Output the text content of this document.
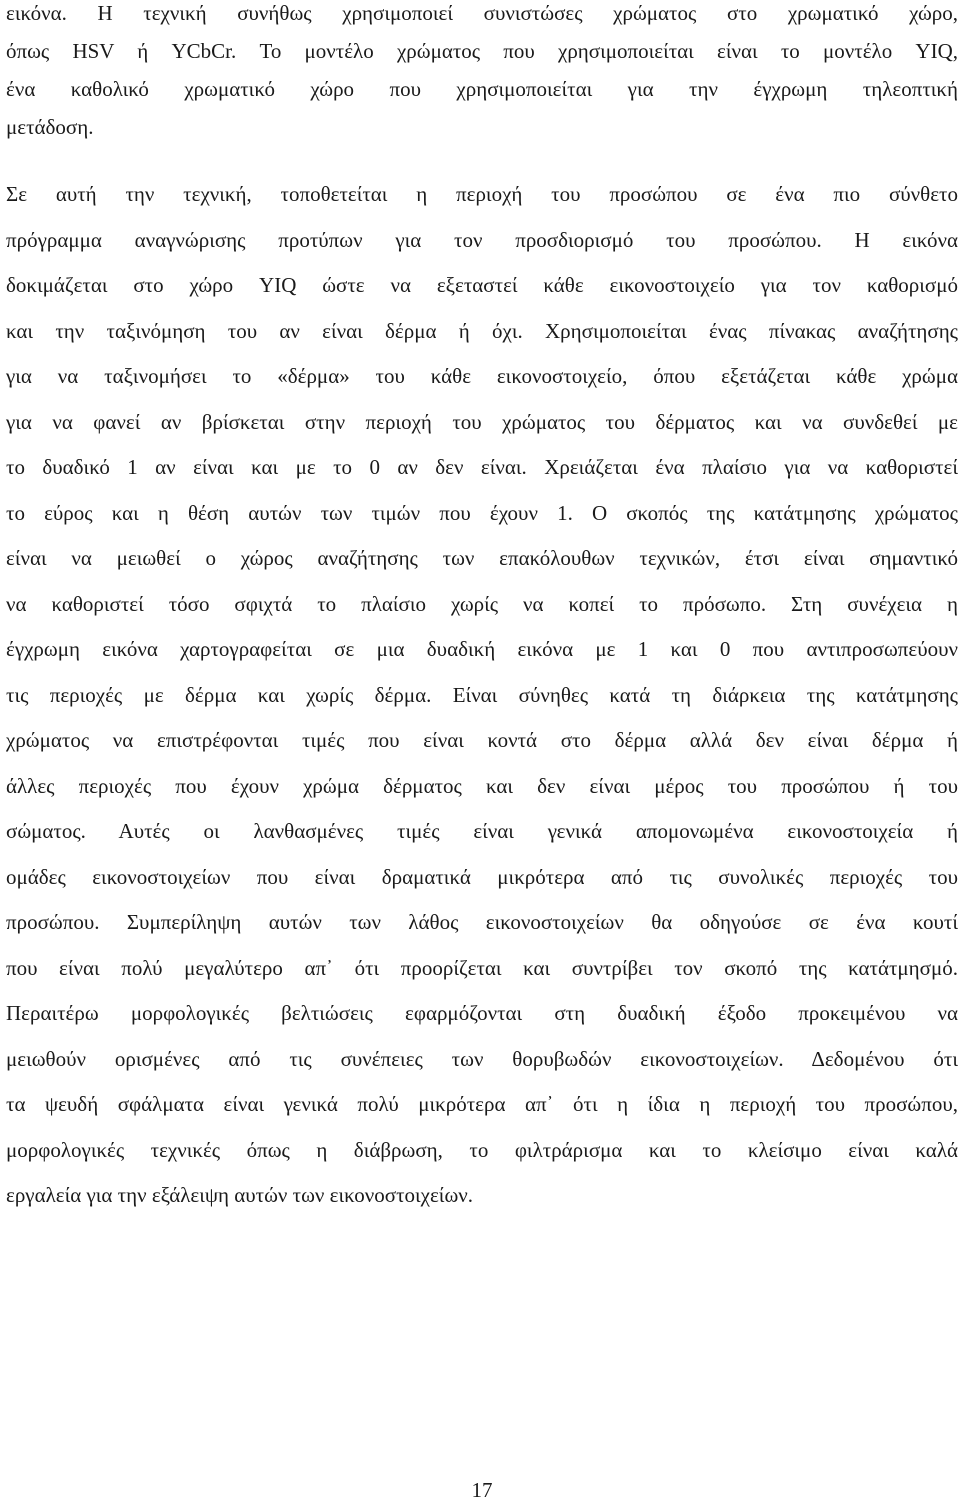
εικόνα. Η τεχνική συνήθως χρησιμοποιεί συνιστώσες χρώματος στο χρωματικό χώρο,
όπως HSV ή YCbCr. Το μοντέλο χρώματος που χρησιμοποιείται είναι το μοντέλο YIQ,
ένα καθολικό χρωματικό χώρο που χρησιμοποιείται για την έγχρωμη τηλεοπτική
μετάδοση.
Σε αυτή την τεχνική, τοποθετείται η περιοχή του προσώπου σε ένα πιο σύνθετο
πρόγραμμα αναγνώρισης προτύπων για τον προσδιορισμό του προσώπου. Η εικόνα
δοκιμάζεται στο χώρο YIQ ώστε να εξεταστεί κάθε εικονοστοιχείο για τον καθορισμό
και την ταξινόμηση του αν είναι δέρμα ή όχι. Χρησιμοποιείται ένας πίνακας αναζήτησης
για να ταξινομήσει το «δέρμα» του κάθε εικονοστοιχείο, όπου εξετάζεται κάθε χρώμα
για να φανεί αν βρίσκεται στην περιοχή του χρώματος του δέρματος και να συνδεθεί με
το δυαδικό 1 αν είναι και με το 0 αν δεν είναι. Χρειάζεται ένα πλαίσιο για να καθοριστεί
το εύρος και η θέση αυτών των τιμών που έχουν 1. Ο σκοπός της κατάτμησης χρώματος
είναι να μειωθεί ο χώρος αναζήτησης των επακόλουθων τεχνικών, έτσι είναι σημαντικό
να καθοριστεί τόσο σφιχτά το πλαίσιο χωρίς να κοπεί το πρόσωπο. Στη συνέχεια η
έγχρωμη εικόνα χαρτογραφείται σε μια δυαδική εικόνα με 1 και 0 που αντιπροσωπεύουν
τις περιοχές με δέρμα και χωρίς δέρμα. Είναι σύνηθες κατά τη διάρκεια της κατάτμησης
χρώματος να επιστρέφονται τιμές που είναι κοντά στο δέρμα αλλά δεν είναι δέρμα ή
άλλες περιοχές που έχουν χρώμα δέρματος και δεν είναι μέρος του προσώπου ή του
σώματος. Αυτές οι λανθασμένες τιμές είναι γενικά απομονωμένα εικονοστοιχεία ή
ομάδες εικονοστοιχείων που είναι δραματικά μικρότερα από τις συνολικές περιοχές του
προσώπου. Συμπερίληψη αυτών των λάθος εικονοστοιχείων θα οδηγούσε σε ένα κουτί
που είναι πολύ μεγαλύτερο απ᾽ ότι προορίζεται και συντρίβει τον σκοπό της κατάτμησμό.
Περαιτέρω μορφολογικές βελτιώσεις εφαρμόζονται στη δυαδική έξοδο προκειμένου να
μειωθούν ορισμένες από τις συνέπειες των θορυβωδών εικονοστοιχείων. Δεδομένου ότι
τα ψευδή σφάλματα είναι γενικά πολύ μικρότερα απ᾽ ότι η ίδια η περιοχή του προσώπου,
μορφολογικές τεχνικές όπως η διάβρωση, το φιλτράρισμα και το κλείσιμο είναι καλά
εργαλεία για την εξάλειψη αυτών των εικονοστοιχείων.
17
